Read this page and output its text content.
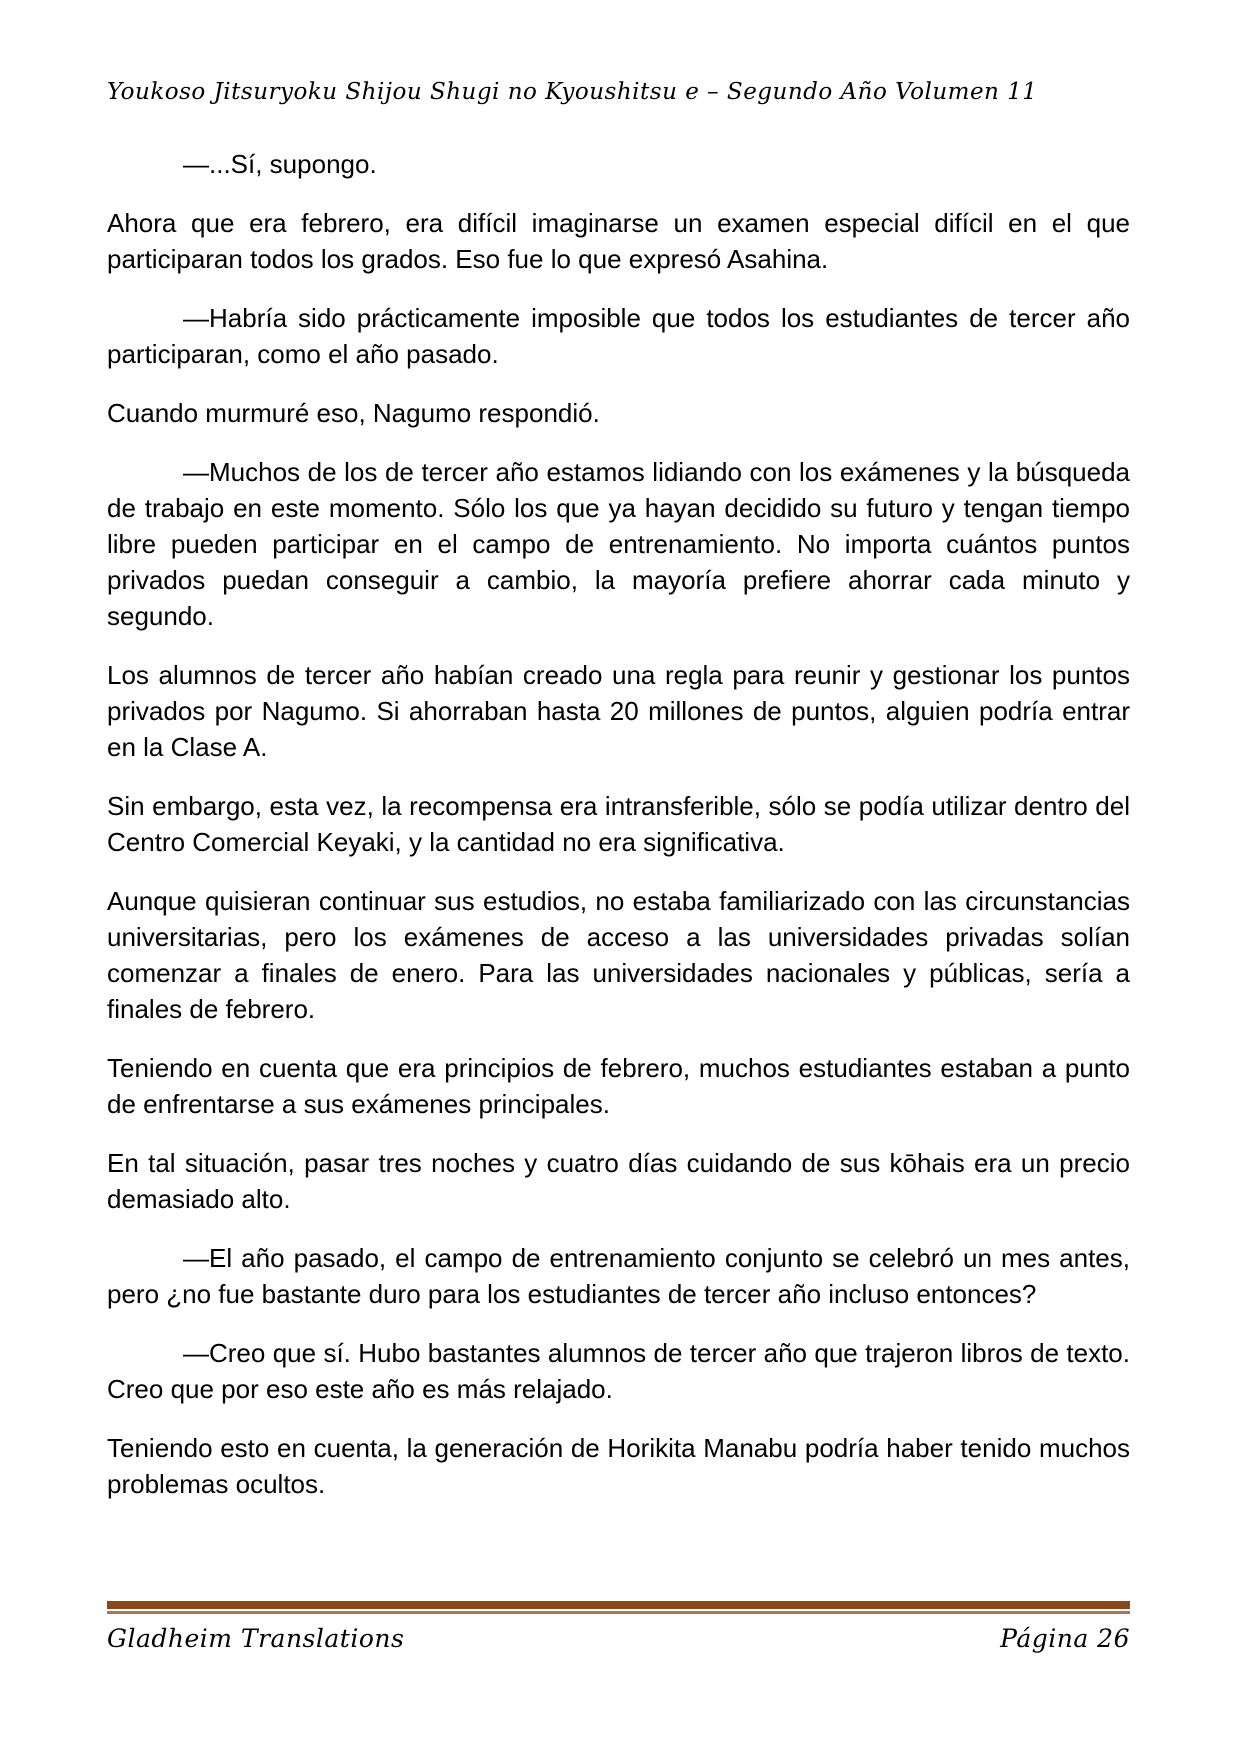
Youkoso Jitsuryoku Shijou Shugi no Kyoushitsu e – Segundo Año Volumen 11

—...Sí, supongo.

Ahora que era febrero, era difícil imaginarse un examen especial difícil en el que participaran todos los grados. Eso fue lo que expresó Asahina.

—Habría sido prácticamente imposible que todos los estudiantes de tercer año participaran, como el año pasado.

Cuando murmuré eso, Nagumo respondió.

—Muchos de los de tercer año estamos lidiando con los exámenes y la búsqueda de trabajo en este momento. Sólo los que ya hayan decidido su futuro y tengan tiempo libre pueden participar en el campo de entrenamiento. No importa cuántos puntos privados puedan conseguir a cambio, la mayoría prefiere ahorrar cada minuto y segundo.

Los alumnos de tercer año habían creado una regla para reunir y gestionar los puntos privados por Nagumo. Si ahorraban hasta 20 millones de puntos, alguien podría entrar en la Clase A.

Sin embargo, esta vez, la recompensa era intransferible, sólo se podía utilizar dentro del Centro Comercial Keyaki, y la cantidad no era significativa.

Aunque quisieran continuar sus estudios, no estaba familiarizado con las circunstancias universitarias, pero los exámenes de acceso a las universidades privadas solían comenzar a finales de enero. Para las universidades nacionales y públicas, sería a finales de febrero.

Teniendo en cuenta que era principios de febrero, muchos estudiantes estaban a punto de enfrentarse a sus exámenes principales.

En tal situación, pasar tres noches y cuatro días cuidando de sus kōhais era un precio demasiado alto.

—El año pasado, el campo de entrenamiento conjunto se celebró un mes antes, pero ¿no fue bastante duro para los estudiantes de tercer año incluso entonces?

—Creo que sí. Hubo bastantes alumnos de tercer año que trajeron libros de texto. Creo que por eso este año es más relajado.

Teniendo esto en cuenta, la generación de Horikita Manabu podría haber tenido muchos problemas ocultos.

Gladheim Translations	Página 26
